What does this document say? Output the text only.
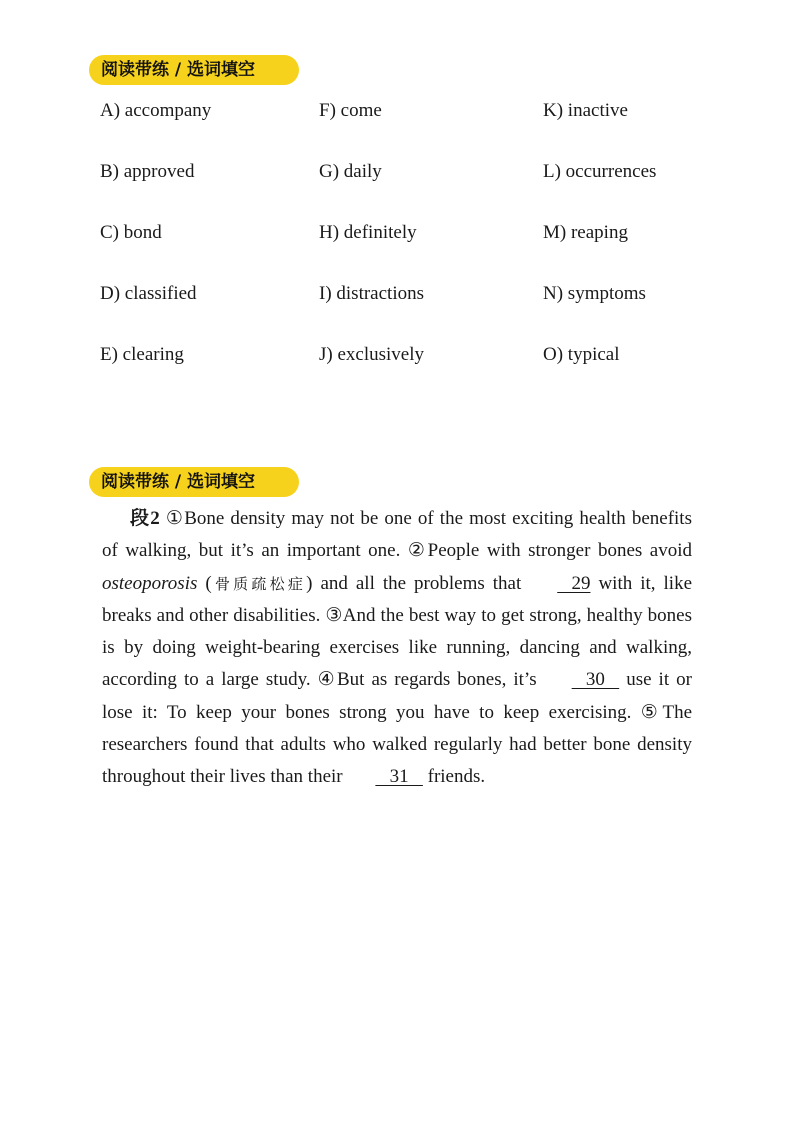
阅读带练 / 选词填空
A) accompany
B) approved
C) bond
D) classified
E) clearing
F) come
G) daily
H) definitely
I) distractions
J) exclusively
K) inactive
L) occurrences
M) reaping
N) symptoms
O) typical
阅读带练 / 选词填空

段2 ①Bone density may not be one of the most exciting health benefits of walking, but it’s an important one. ②People with stronger bones avoid osteoporosis (骨质疏松症) and all the problems that    29 with it, like breaks and other disabilities. ③And the best way to get strong, healthy bones is by doing weight-bearing exercises like running, dancing and walking, according to a large study. ④But as regards bones, it’s    30    use it or lose it: To keep your bones strong you have to keep exercising. ⑤The researchers found that adults who walked regularly had better bone density throughout their lives than their    31    friends.
